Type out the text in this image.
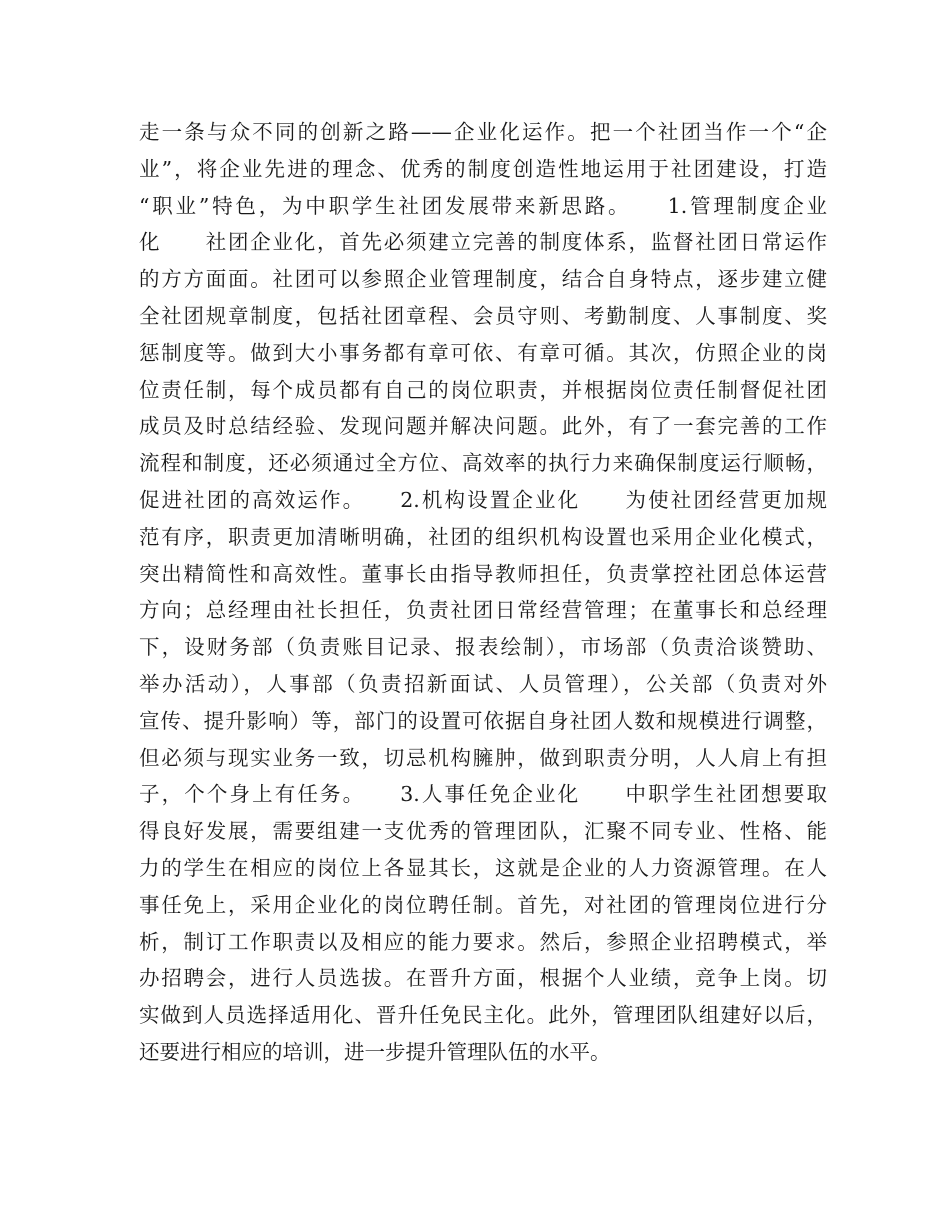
走一条与众不同的创新之路——企业化运作。把一个社团当作一个“企
业”，将企业先进的理念、优秀的制度创造性地运用于社团建设，打造
“职业”特色，为中职学生社团发展带来新思路。　　1.管理制度企业
化　　社团企业化，首先必须建立完善的制度体系，监督社团日常运作
的方方面面。社团可以参照企业管理制度，结合自身特点，逐步建立健
全社团规章制度，包括社团章程、会员守则、考勤制度、人事制度、奖
惩制度等。做到大小事务都有章可依、有章可循。其次，仿照企业的岗
位责任制，每个成员都有自己的岗位职责，并根据岗位责任制督促社团
成员及时总结经验、发现问题并解决问题。此外，有了一套完善的工作
流程和制度，还必须通过全方位、高效率的执行力来确保制度运行顺畅，
促进社团的高效运作。　　2.机构设置企业化　　为使社团经营更加规
范有序，职责更加清晰明确，社团的组织机构设置也采用企业化模式，
突出精简性和高效性。董事长由指导教师担任，负责掌控社团总体运营
方向；总经理由社长担任，负责社团日常经营管理；在董事长和总经理
下，设财务部（负责账目记录、报表绘制），市场部（负责洽谈赞助、
举办活动），人事部（负责招新面试、人员管理），公关部（负责对外
宣传、提升影响）等，部门的设置可依据自身社团人数和规模进行调整，
但必须与现实业务一致，切忌机构臃肿，做到职责分明，人人肩上有担
子，个个身上有任务。　　3.人事任免企业化　　中职学生社团想要取
得良好发展，需要组建一支优秀的管理团队，汇聚不同专业、性格、能
力的学生在相应的岗位上各显其长，这就是企业的人力资源管理。在人
事任免上，采用企业化的岗位聘任制。首先，对社团的管理岗位进行分
析，制订工作职责以及相应的能力要求。然后，参照企业招聘模式，举
办招聘会，进行人员选拔。在晋升方面，根据个人业绩，竞争上岗。切
实做到人员选择适用化、晋升任免民主化。此外，管理团队组建好以后，
还要进行相应的培训，进一步提升管理队伍的水平。
